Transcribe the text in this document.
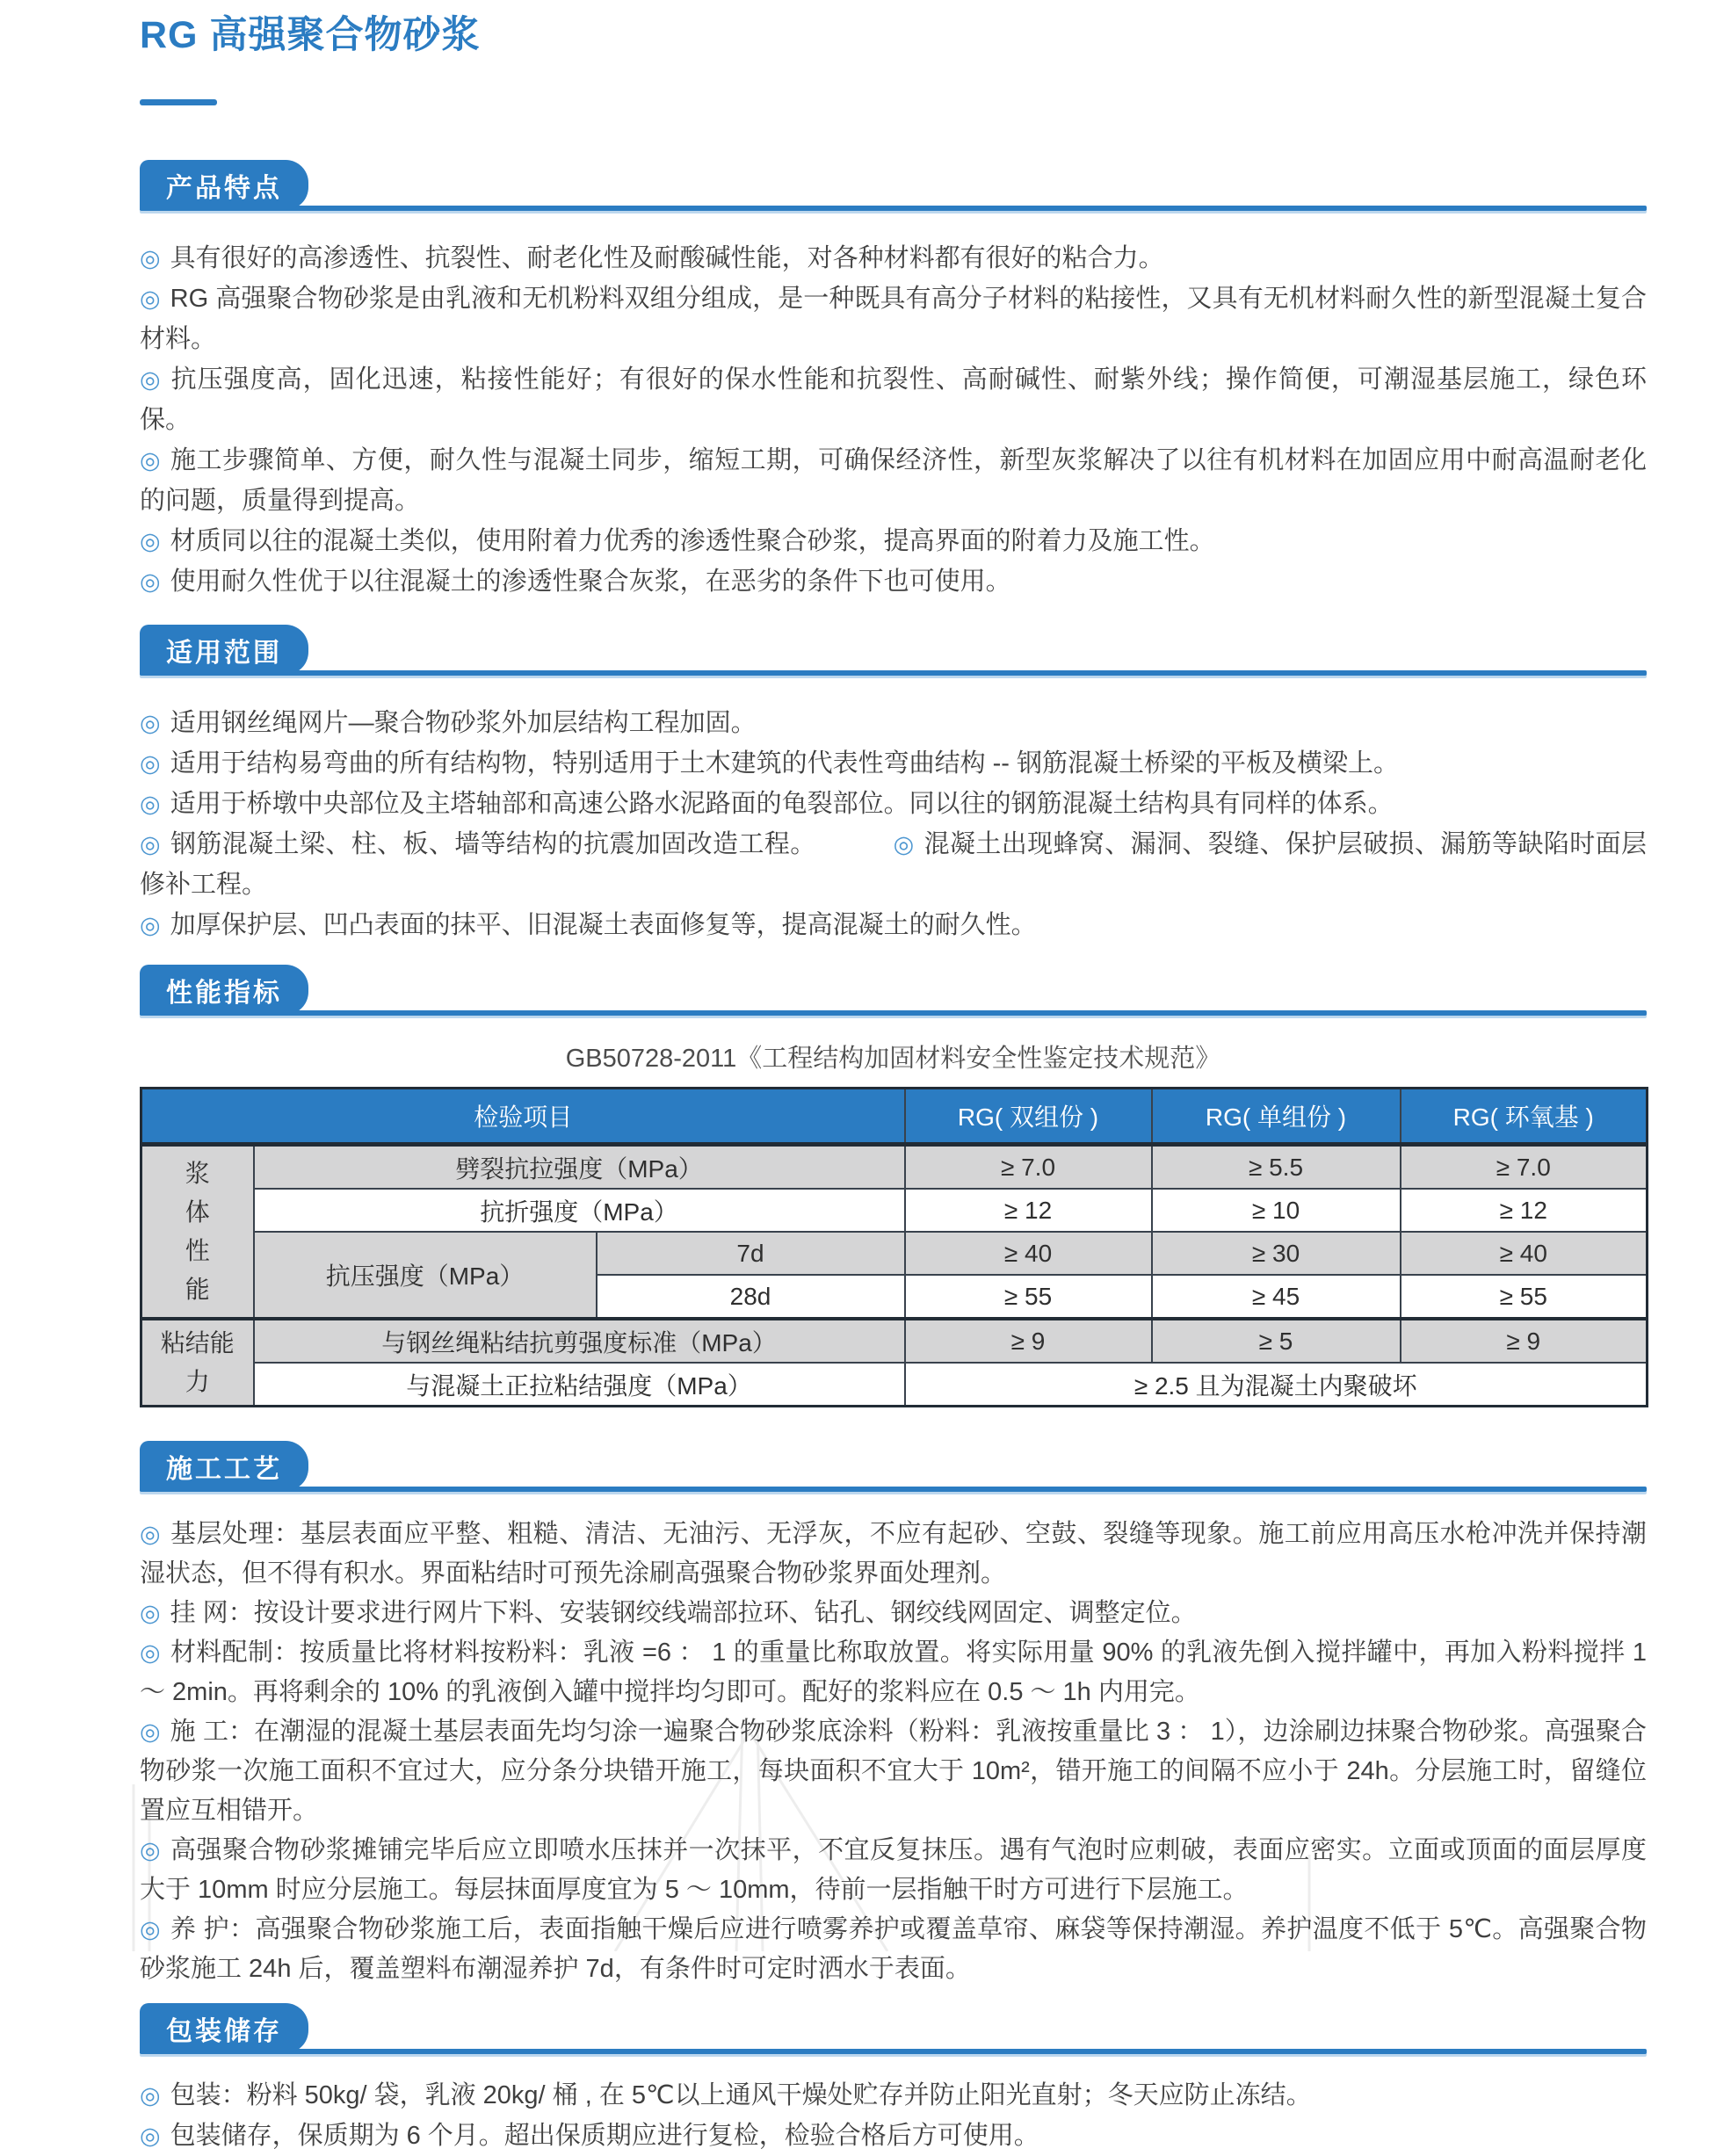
RG 高强聚合物砂浆
产品特点

◎ 具有很好的高渗透性、抗裂性、耐老化性及耐酸碱性能，对各种材料都有很好的粘合力。

◎ RG 高强聚合物砂浆是由乳液和无机粉料双组分组成，是一种既具有高分子材料的粘接性，又具有无机材料耐久性的新型混凝土复合材料。

◎ 抗压强度高，固化迅速，粘接性能好；有很好的保水性能和抗裂性、高耐碱性、耐紫外线；操作简便，可潮湿基层施工，绿色环保。

◎ 施工步骤简单、方便，耐久性与混凝土同步，缩短工期，可确保经济性，新型灰浆解决了以往有机材料在加固应用中耐高温耐老化的问题，质量得到提高。

◎ 材质同以往的混凝土类似，使用附着力优秀的渗透性聚合砂浆，提高界面的附着力及施工性。

◎ 使用耐久性优于以往混凝土的渗透性聚合灰浆，在恶劣的条件下也可使用。

适用范围

◎ 适用钢丝绳网片—聚合物砂浆外加层结构工程加固。

◎ 适用于结构易弯曲的所有结构物，特别适用于土木建筑的代表性弯曲结构 -- 钢筋混凝土桥梁的平板及横梁上。

◎ 适用于桥墩中央部位及主塔轴部和高速公路水泥路面的龟裂部位。同以往的钢筋混凝土结构具有同样的体系。

◎ 钢筋混凝土梁、柱、板、墙等结构的抗震加固改造工程。	◎ 混凝土出现蜂窝、漏洞、裂缝、保护层破损、漏筋等缺陷时面层修补工程。

◎ 加厚保护层、凹凸表面的抹平、旧混凝土表面修复等，提高混凝土的耐久性。

性能指标
GB50728-2011《工程结构加固材料安全性鉴定技术规范》
检验项目			RG( 双组份 )	RG( 单组份 )	RG( 环氧基 )

浆体性能	劈裂抗拉强度（MPa）		≥ 7.0	≥ 5.5	≥ 7.0
	抗折强度（MPa）		≥ 12	≥ 10	≥ 12
	抗压强度（MPa）	7d	≥ 40	≥ 30	≥ 40
		28d	≥ 55	≥ 45	≥ 55

粘结能力	与钢丝绳粘结抗剪强度标准（MPa）		≥ 9	≥ 5	≥ 9
	与混凝土正拉粘结强度（MPa）		≥ 2.5 且为混凝土内聚破坏		
施工工艺

◎ 基层处理：基层表面应平整、粗糙、清洁、无油污、无浮灰，不应有起砂、空鼓、裂缝等现象。施工前应用高压水枪冲洗并保持潮湿状态，但不得有积水。界面粘结时可预先涂刷高强聚合物砂浆界面处理剂。

◎ 挂 网：按设计要求进行网片下料、安装钢绞线端部拉环、钻孔、钢绞线网固定、调整定位。

◎ 材料配制：按质量比将材料按粉料：乳液 =6 ： 1 的重量比称取放置。将实际用量 90% 的乳液先倒入搅拌罐中，再加入粉料搅拌 1 ～ 2min。再将剩余的 10% 的乳液倒入罐中搅拌均匀即可。配好的浆料应在 0.5 ～ 1h 内用完。

◎ 施 工：在潮湿的混凝土基层表面先均匀涂一遍聚合物砂浆底涂料（粉料：乳液按重量比 3 ： 1），边涂刷边抹聚合物砂浆。高强聚合物砂浆一次施工面积不宜过大，应分条分块错开施工，每块面积不宜大于 10m²，错开施工的间隔不应小于 24h。分层施工时，留缝位置应互相错开。

◎ 高强聚合物砂浆摊铺完毕后应立即喷水压抹并一次抹平，不宜反复抹压。遇有气泡时应刺破，表面应密实。立面或顶面的面层厚度大于 10mm 时应分层施工。每层抹面厚度宜为 5 ～ 10mm，待前一层指触干时方可进行下层施工。

◎ 养 护：高强聚合物砂浆施工后，表面指触干燥后应进行喷雾养护或覆盖草帘、麻袋等保持潮湿。养护温度不低于 5℃。高强聚合物砂浆施工 24h 后，覆盖塑料布潮湿养护 7d，有条件时可定时洒水于表面。

包装储存

◎ 包装：粉料 50kg/ 袋，乳液 20kg/ 桶 , 在 5℃以上通风干燥处贮存并防止阳光直射；冬天应防止冻结。

◎ 包装储存，保质期为 6 个月。超出保质期应进行复检，检验合格后方可使用。
